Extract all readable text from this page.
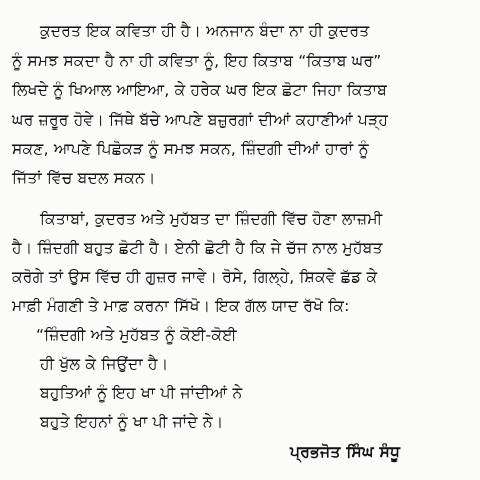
ਕੁਦਰਤ ਇਕ ਕਵਿਤਾ ਹੀ ਹੈ। ਅਨਜਾਨ ਬੰਦਾ ਨਾ ਹੀ ਕੁਦਰਤ
ਨੂੰ ਸਮਝ ਸਕਦਾ ਹੈ ਨਾ ਹੀ ਕਵਿਤਾ ਨੂੰ, ਇਹ ਕਿਤਾਬ “ਕਿਤਾਬ ਘਰ”
ਲਿਖਦੇ ਨੂੰ ਖਿਆਲ ਆਇਆ, ਕੇ ਹਰੇਕ ਘਰ ਇਕ ਛੋਟਾ ਜਿਹਾ ਕਿਤਾਬ
ਘਰ ਜ਼ਰੂਰ ਹੋਵੇ। ਜਿੱਥੇ ਬੱਚੇ ਆਪਣੇ ਬਜ਼ੁਰਗਾਂ ਦੀਆਂ ਕਹਾਣੀਆਂ ਪੜ੍ਹ
ਸਕਣ, ਆਪਣੇ ਪਿਛੋਕੜ ਨੂੰ ਸਮਝ ਸਕਨ, ਜ਼ਿੰਦਗੀ ਦੀਆਂ ਹਾਰਾਂ ਨੂੰ
ਜਿੱਤਾਂ ਵਿੱਚ ਬਦਲ ਸਕਨ।
ਕਿਤਾਬਾਂ, ਕੁਦਰਤ ਅਤੇ ਮੁਹੱਬਤ ਦਾ ਜ਼ਿੰਦਗੀ ਵਿੱਚ ਹੋਣਾ ਲਾਜ਼ਮੀ
ਹੈ। ਜ਼ਿੰਦਗੀ ਬਹੁਤ ਛੋਟੀ ਹੈ। ਏਨੀ ਛੋਟੀ ਹੈ ਕਿ ਜੇ ਚੱਜ ਨਾਲ ਮੁਹੱਬਤ
ਕਰੋਗੇ ਤਾਂ ਉਸ ਵਿੱਚ ਹੀ ਗੁਜ਼ਰ ਜਾਵੇ। ਰੋਸੇ, ਗਿਲ੍ਹੇ, ਸ਼ਿਕਵੇ ਛੱਡ ਕੇ
ਮਾਫ਼ੀ ਮੰਗਣੀ ਤੇ ਮਾਫ਼ ਕਰਨਾ ਸਿੱਖੋ। ਇਕ ਗੱਲ ਯਾਦ ਰੱਖੋ ਕਿ:
“ਜ਼ਿੰਦਗੀ ਅਤੇ ਮੁਹੱਬਤ ਨੂੰ ਕੋਈ-ਕੋਈ
ਹੀ ਖੁੱਲ ਕੇ ਜਿਉਂਦਾ ਹੈ।
ਬਹੁਤਿਆਂ ਨੂੰ ਇਹ ਖਾ ਪੀ ਜਾਂਦੀਆਂ ਨੇ
ਬਹੁਤੇ ਇਹਨਾਂ ਨੂੰ ਖਾ ਪੀ ਜਾਂਦੇ ਨੇ।
ਪ੍ਰਭਜੋਤ ਸਿੰਘ ਸੰਧੂ
